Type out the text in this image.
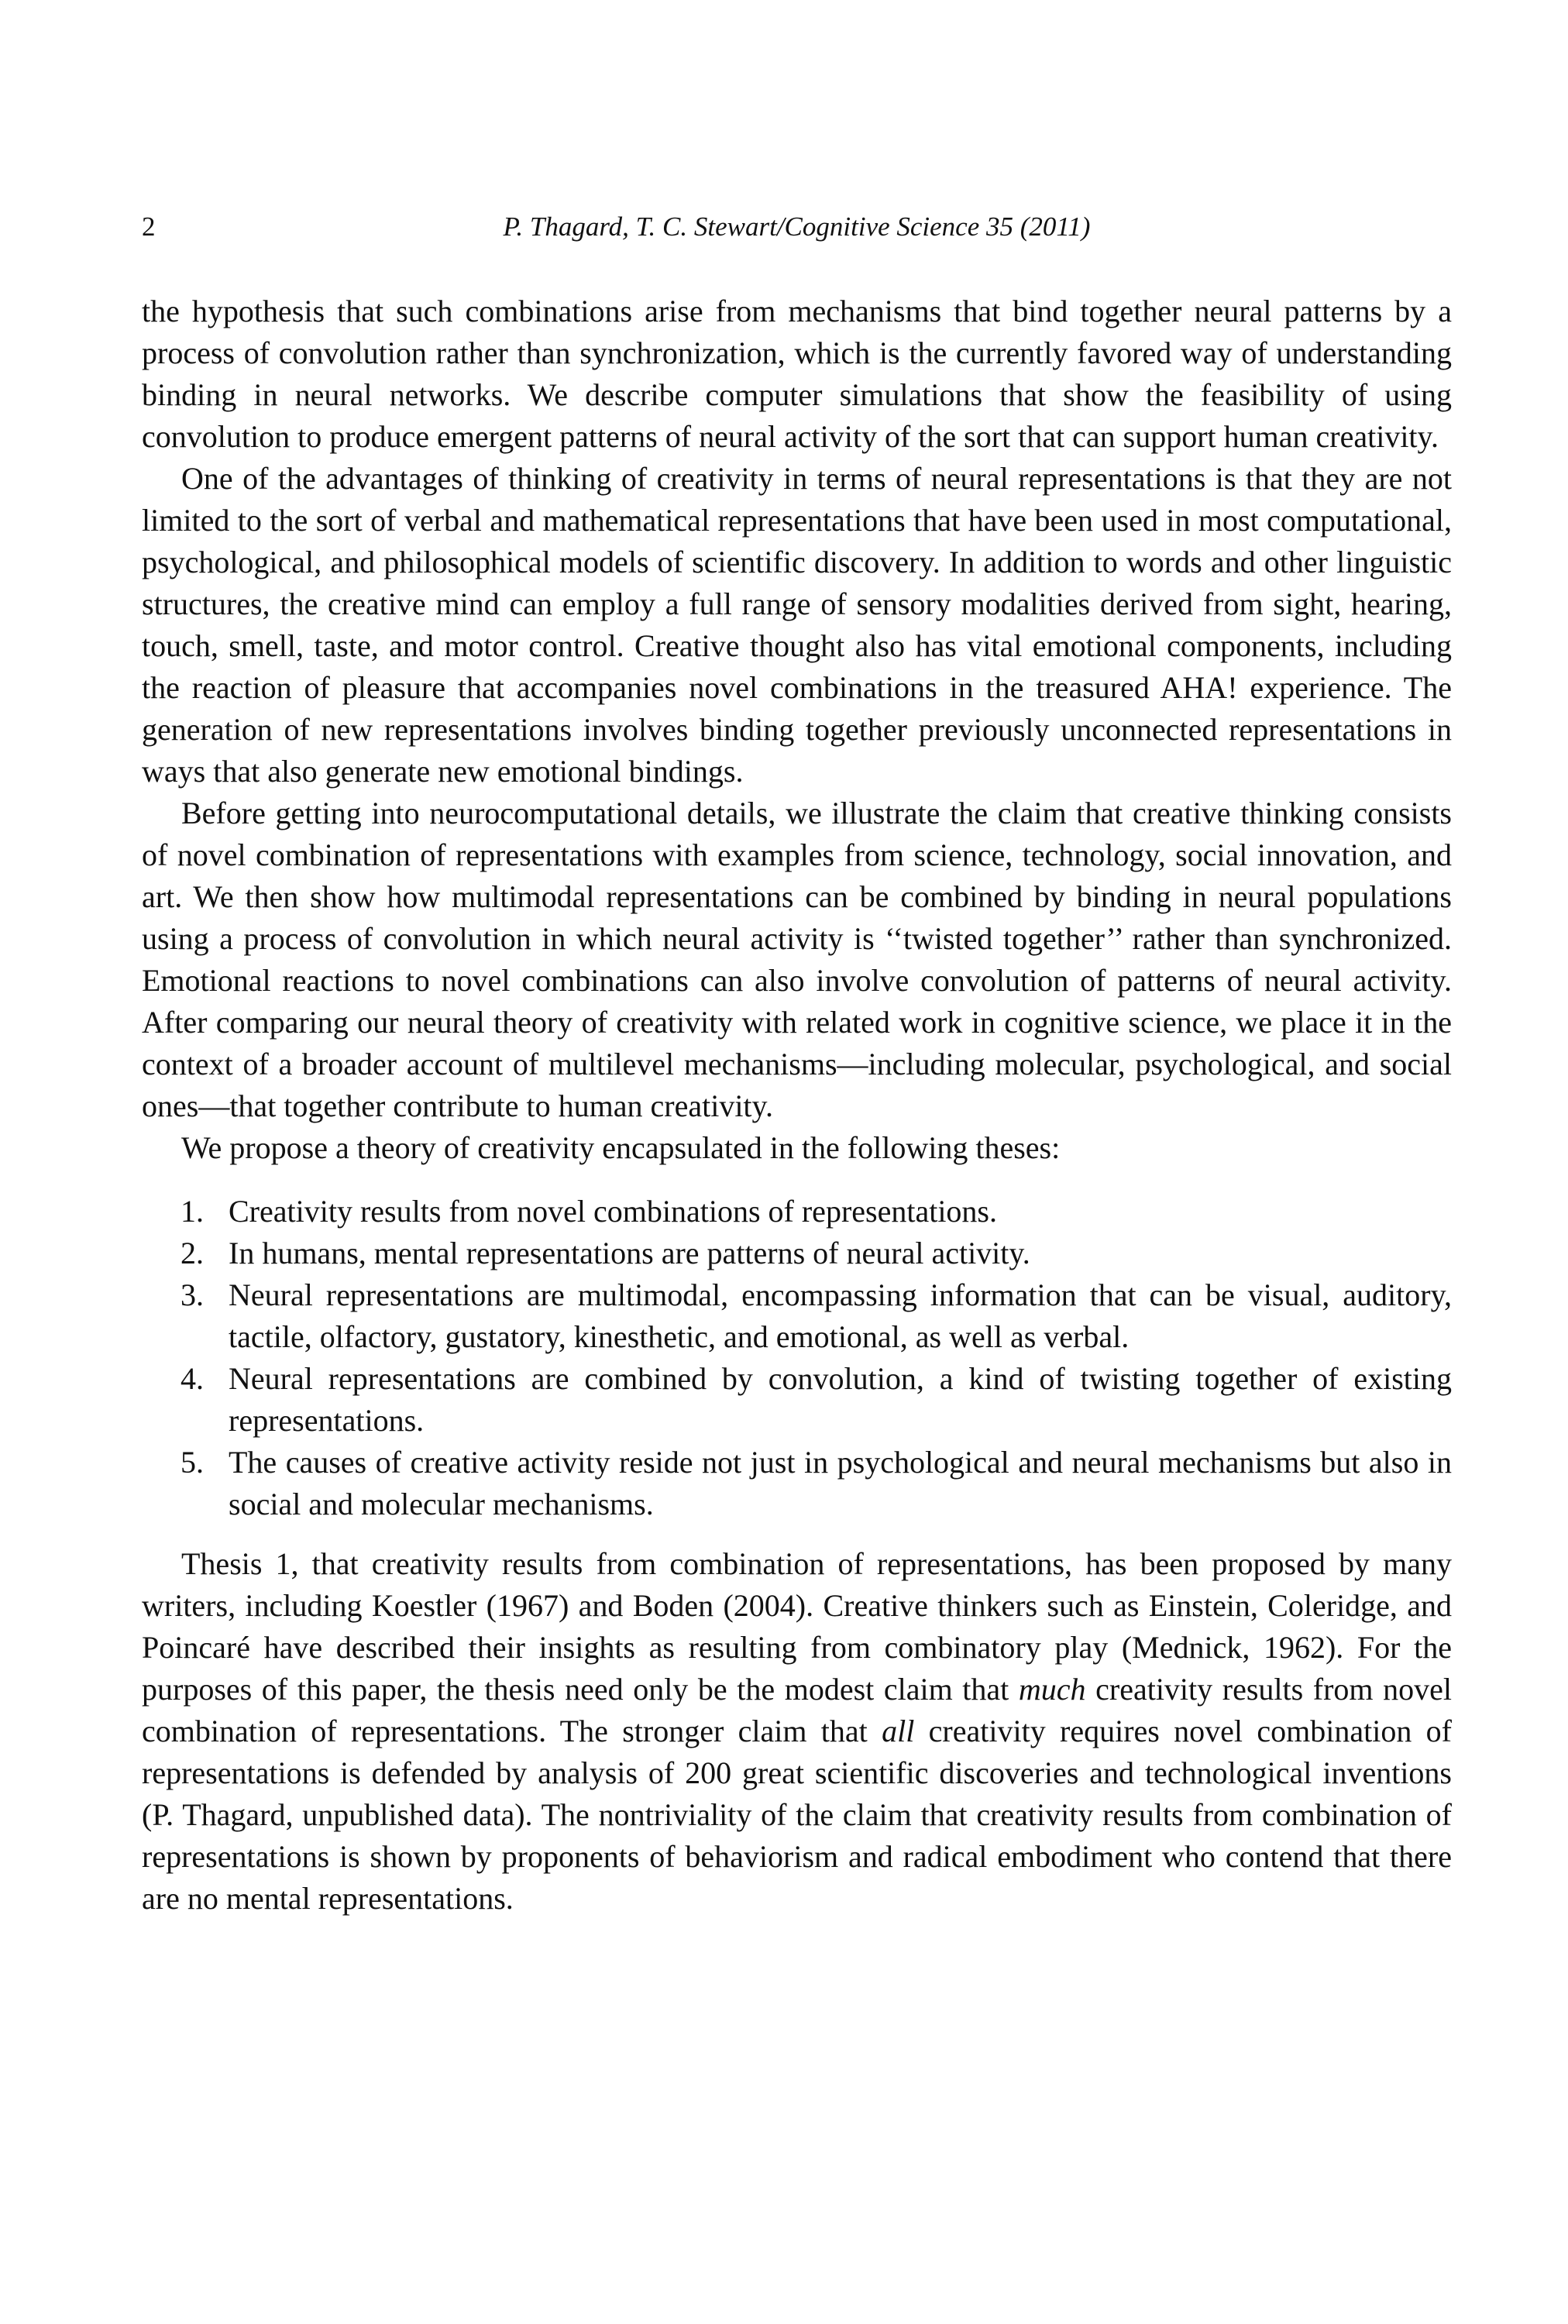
2	P. Thagard, T. C. Stewart/Cognitive Science 35 (2011)

the hypothesis that such combinations arise from mechanisms that bind together neural patterns by a process of convolution rather than synchronization, which is the currently favored way of understanding binding in neural networks. We describe computer simulations that show the feasibility of using convolution to produce emergent patterns of neural activity of the sort that can support human creativity.

One of the advantages of thinking of creativity in terms of neural representations is that they are not limited to the sort of verbal and mathematical representations that have been used in most computational, psychological, and philosophical models of scientific discovery. In addition to words and other linguistic structures, the creative mind can employ a full range of sensory modalities derived from sight, hearing, touch, smell, taste, and motor control. Creative thought also has vital emotional components, including the reaction of pleasure that accompanies novel combinations in the treasured AHA! experience. The generation of new representations involves binding together previously unconnected representations in ways that also generate new emotional bindings.

Before getting into neurocomputational details, we illustrate the claim that creative thinking consists of novel combination of representations with examples from science, technology, social innovation, and art. We then show how multimodal representations can be combined by binding in neural populations using a process of convolution in which neural activity is ‘‘twisted together’’ rather than synchronized. Emotional reactions to novel combinations can also involve convolution of patterns of neural activity. After comparing our neural theory of creativity with related work in cognitive science, we place it in the context of a broader account of multilevel mechanisms—including molecular, psychological, and social ones—that together contribute to human creativity.

We propose a theory of creativity encapsulated in the following theses:

1. Creativity results from novel combinations of representations.
2. In humans, mental representations are patterns of neural activity.
3. Neural representations are multimodal, encompassing information that can be visual, auditory, tactile, olfactory, gustatory, kinesthetic, and emotional, as well as verbal.
4. Neural representations are combined by convolution, a kind of twisting together of existing representations.
5. The causes of creative activity reside not just in psychological and neural mechanisms but also in social and molecular mechanisms.

Thesis 1, that creativity results from combination of representations, has been proposed by many writers, including Koestler (1967) and Boden (2004). Creative thinkers such as Einstein, Coleridge, and Poincaré have described their insights as resulting from combinatory play (Mednick, 1962). For the purposes of this paper, the thesis need only be the modest claim that much creativity results from novel combination of representations. The stronger claim that all creativity requires novel combination of representations is defended by analysis of 200 great scientific discoveries and technological inventions (P. Thagard, unpublished data). The nontriviality of the claim that creativity results from combination of representations is shown by proponents of behaviorism and radical embodiment who contend that there are no mental representations.
